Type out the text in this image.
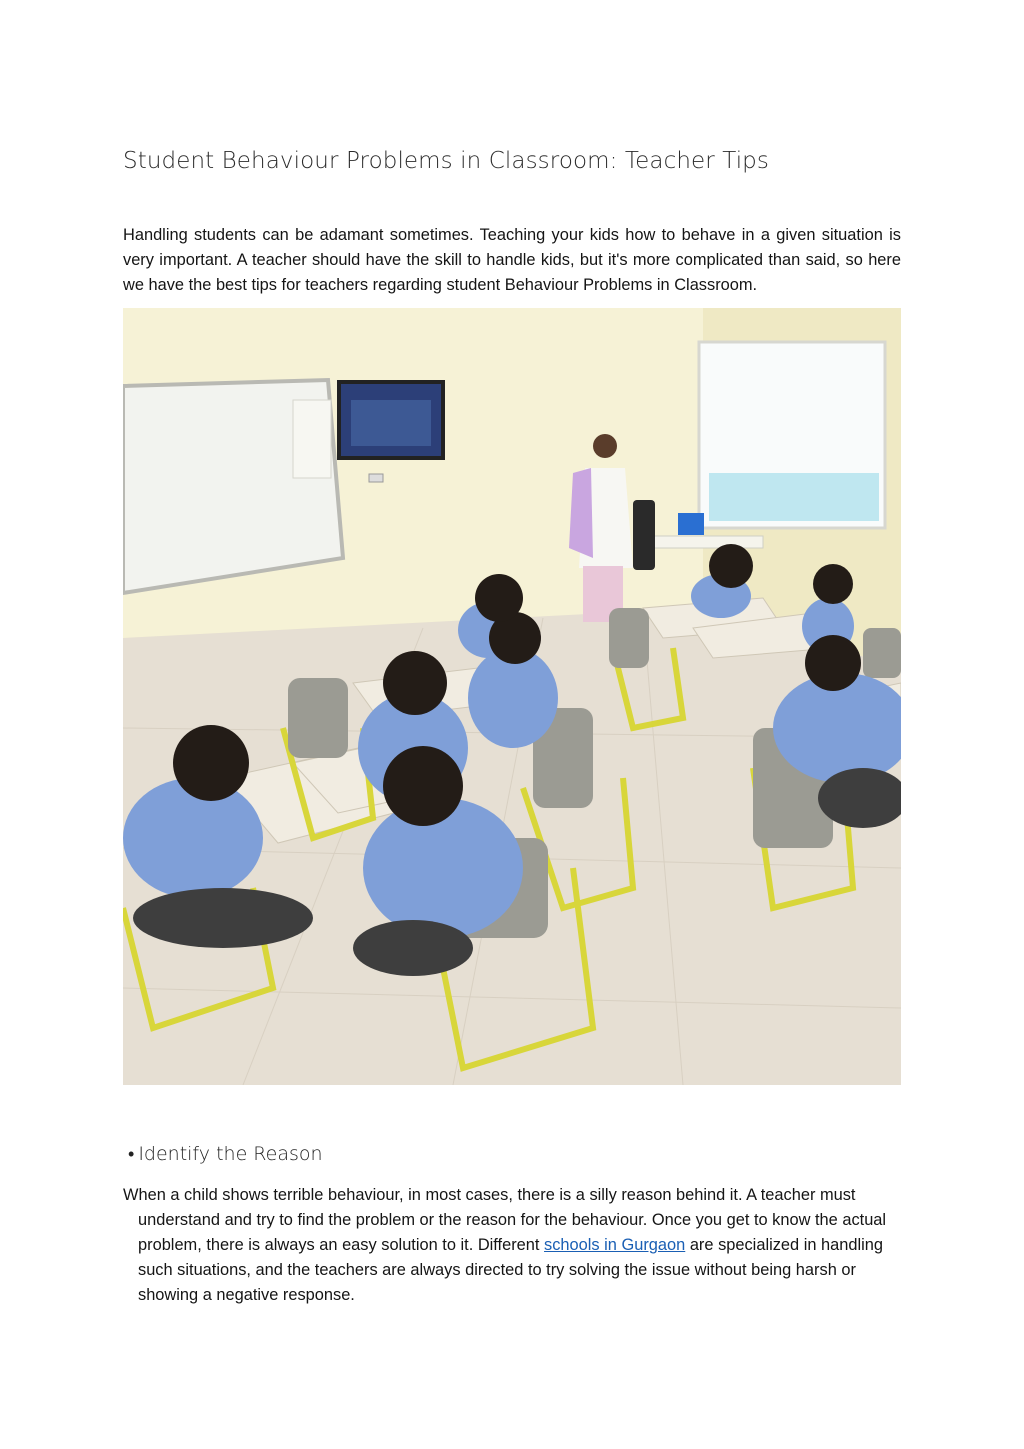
Student Behaviour Problems in Classroom: Teacher Tips

Handling students can be adamant sometimes. Teaching your kids how to behave in a given situation is very important. A teacher should have the skill to handle kids, but it's more complicated than said, so here we have the best tips for teachers regarding student Behaviour Problems in Classroom.

• Identify the Reason

When a child shows terrible behaviour, in most cases, there is a silly reason behind it. A teacher must understand and try to find the problem or the reason for the behaviour. Once you get to know the actual problem, there is always an easy solution to it. Different schools in Gurgaon are specialized in handling such situations, and the teachers are always directed to try solving the issue without being harsh or showing a negative response.
